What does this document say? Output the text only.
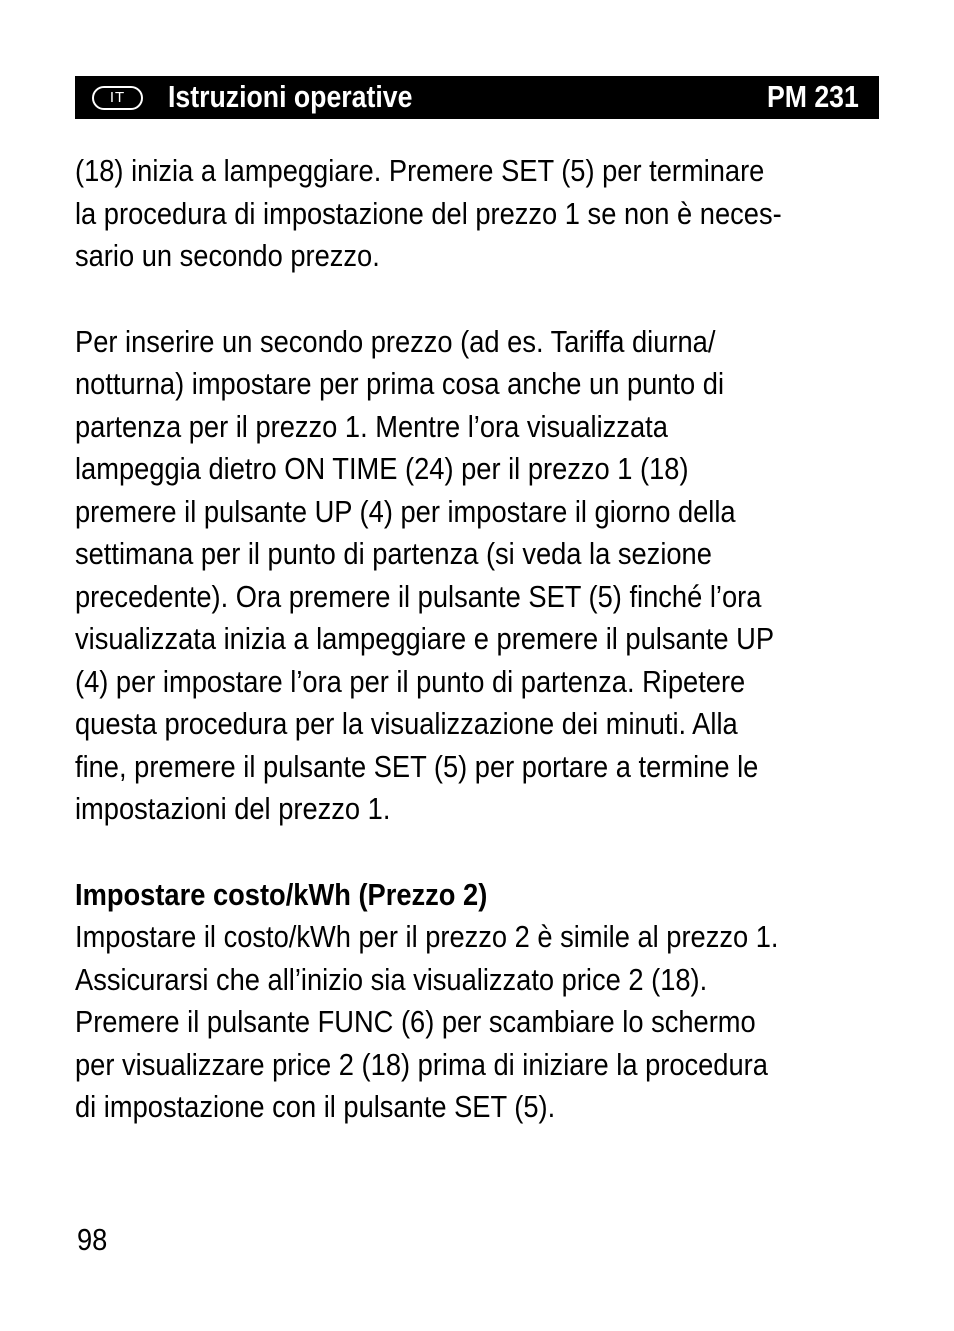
IT	Istruzioni operative	PM 231

(18) inizia a lampeggiare. Premere SET (5) per terminare
la procedura di impostazione del prezzo 1 se non è neces-
sario un secondo prezzo.

Per inserire un secondo prezzo (ad es. Tariffa diurna/
notturna) impostare per prima cosa anche un punto di
partenza per il prezzo 1. Mentre l’ora visualizzata
lampeggia dietro ON TIME (24) per il prezzo 1 (18)
premere il pulsante UP (4) per impostare il giorno della
settimana per il punto di partenza (si veda la sezione
precedente). Ora premere il pulsante SET (5) finché l’ora
visualizzata inizia a lampeggiare e premere il pulsante UP
(4) per impostare l’ora per il punto di partenza. Ripetere
questa procedura per la visualizzazione dei minuti. Alla
fine, premere il pulsante SET (5) per portare a termine le
impostazioni del prezzo 1.

Impostare costo/kWh (Prezzo 2)

Impostare il costo/kWh per il prezzo 2 è simile al prezzo 1.
Assicurarsi che all’inizio sia visualizzato price 2 (18).
Premere il pulsante FUNC (6) per scambiare lo schermo
per visualizzare price 2 (18) prima di iniziare la procedura
di impostazione con il pulsante SET (5).

98
